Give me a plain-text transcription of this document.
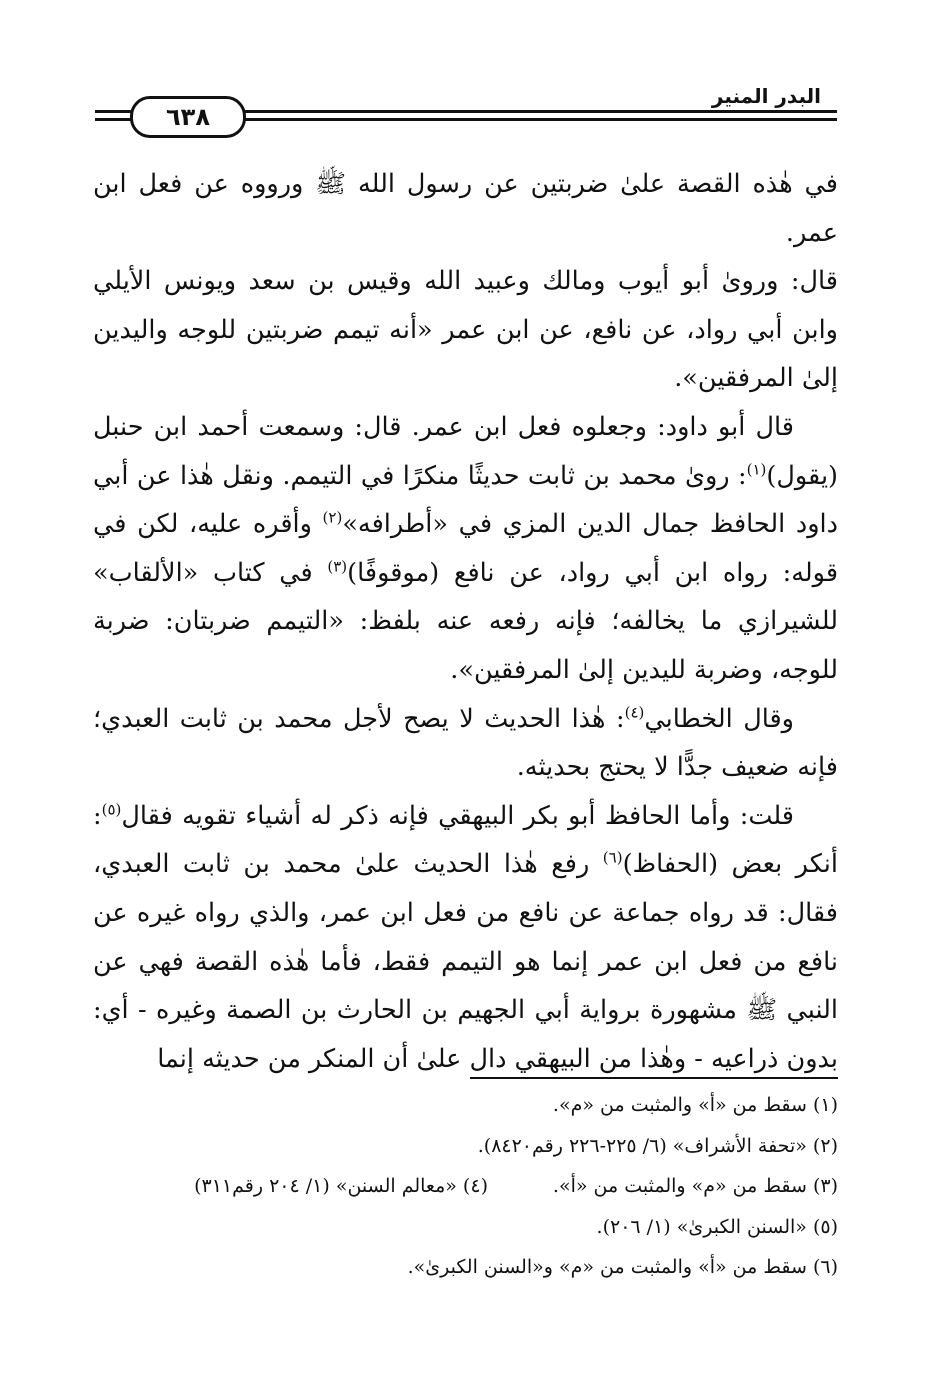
البدر المنير
٦٣٨

في هٰذه القصة علىٰ ضربتين عن رسول الله ﷺ ورووه عن فعل ابن عمر.

قال: ورویٰ أبو أيوب ومالك وعبيد الله وقيس بن سعد ويونس الأيلي وابن أبي رواد، عن نافع، عن ابن عمر «أنه تيمم ضربتين للوجه واليدين إلىٰ المرفقين».

قال أبو داود: وجعلوه فعل ابن عمر. قال: وسمعت أحمد ابن حنبل (يقول)$^{(١)}$: رویٰ محمد بن ثابت حديثًا منكرًا في التيمم. ونقل هٰذا عن أبي داود الحافظ جمال الدين المزي في «أطرافه»$^{(٢)}$ وأقره عليه، لكن في قوله: رواه ابن أبي رواد، عن نافع (موقوفًا)$^{(٣)}$ في كتاب «الألقاب» للشيرازي ما يخالفه؛ فإنه رفعه عنه بلفظ: «التيمم ضربتان: ضربة للوجه، وضربة لليدين إلىٰ المرفقين».

وقال الخطابي$^{(٤)}$: هٰذا الحديث لا يصح لأجل محمد بن ثابت العبدي؛ فإنه ضعيف جدًّا لا يحتج بحديثه.

قلت: وأما الحافظ أبو بكر البيهقي فإنه ذكر له أشياء تقويه فقال$^{(٥)}$: أنكر بعض (الحفاظ)$^{(٦)}$ رفع هٰذا الحديث علىٰ محمد بن ثابت العبدي، فقال: قد رواه جماعة عن نافع من فعل ابن عمر، والذي رواه غيره عن نافع من فعل ابن عمر إنما هو التيمم فقط، فأما هٰذه القصة فهي عن النبي ﷺ مشهورة برواية أبي الجهيم بن الحارث بن الصمة وغيره - أي: بدون ذراعيه - وهٰذا من البيهقي دال علىٰ أن المنكر من حديثه إنما

(١) سقط من «أ» والمثبت من «م».
(٢) «تحفة الأشراف» (٦/ ٢٢٥-٢٢٦ رقم٨٤٢٠).
(٣) سقط من «م» والمثبت من «أ».
(٤) «معالم السنن» (١/ ٢٠٤ رقم٣١١)
(٥) «السنن الكبرىٰ» (١/ ٢٠٦).
(٦) سقط من «أ» والمثبت من «م» و«السنن الكبرىٰ».
